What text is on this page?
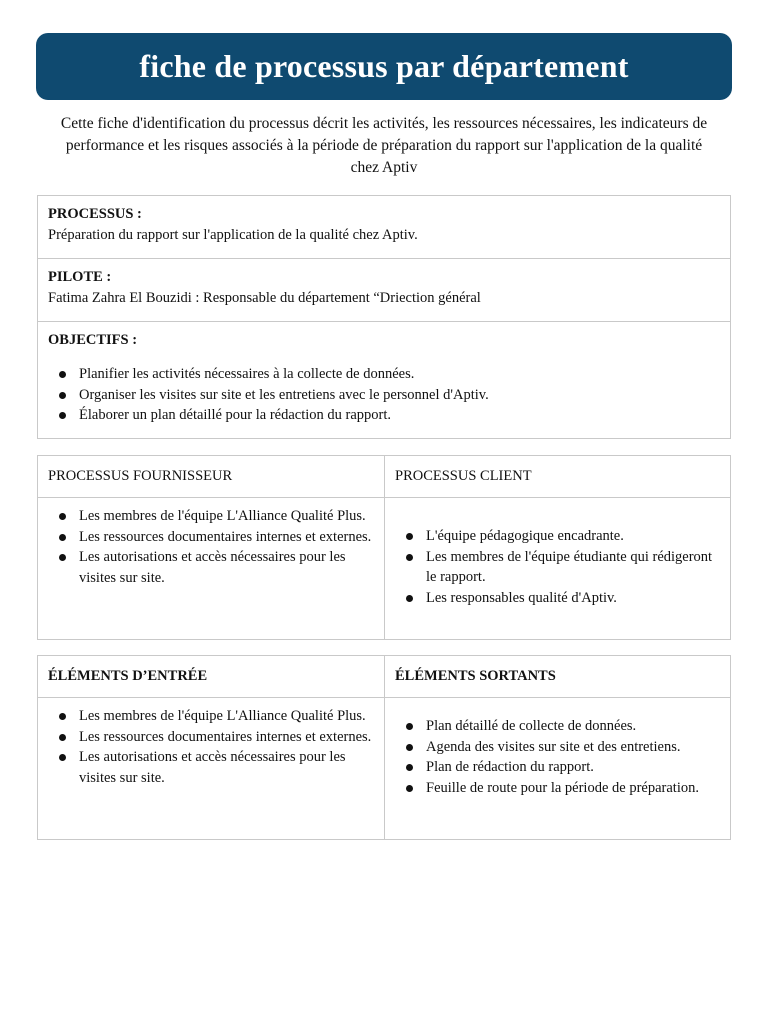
fiche de processus par département
Cette fiche d'identification du processus décrit les activités, les ressources nécessaires, les indicateurs de performance et les risques associés à la période de préparation du rapport sur l'application de la qualité chez Aptiv
PROCESSUS :
Préparation du rapport sur l'application de la qualité chez Aptiv.
PILOTE :
Fatima Zahra El Bouzidi : Responsable du département “Driection général
OBJECTIFS :
Planifier les activités nécessaires à la collecte de données.
Organiser les visites sur site et les entretiens avec le personnel d'Aptiv.
Élaborer un plan détaillé pour la rédaction du rapport.
PROCESSUS FOURNISSEUR	PROCESSUS CLIENT
Les membres de l'équipe L'Alliance Qualité Plus.
Les ressources documentaires internes et externes.
Les autorisations et accès nécessaires pour les visites sur site.
L'équipe pédagogique encadrante.
Les membres de l'équipe étudiante qui rédigeront le rapport.
Les responsables qualité d'Aptiv.
ÉLÉMENTS D’ENTRÉE	ÉLÉMENTS SORTANTS
Les membres de l'équipe L'Alliance Qualité Plus.
Les ressources documentaires internes et externes.
Les autorisations et accès nécessaires pour les visites sur site.
Plan détaillé de collecte de données.
Agenda des visites sur site et des entretiens.
Plan de rédaction du rapport.
Feuille de route pour la période de préparation.
